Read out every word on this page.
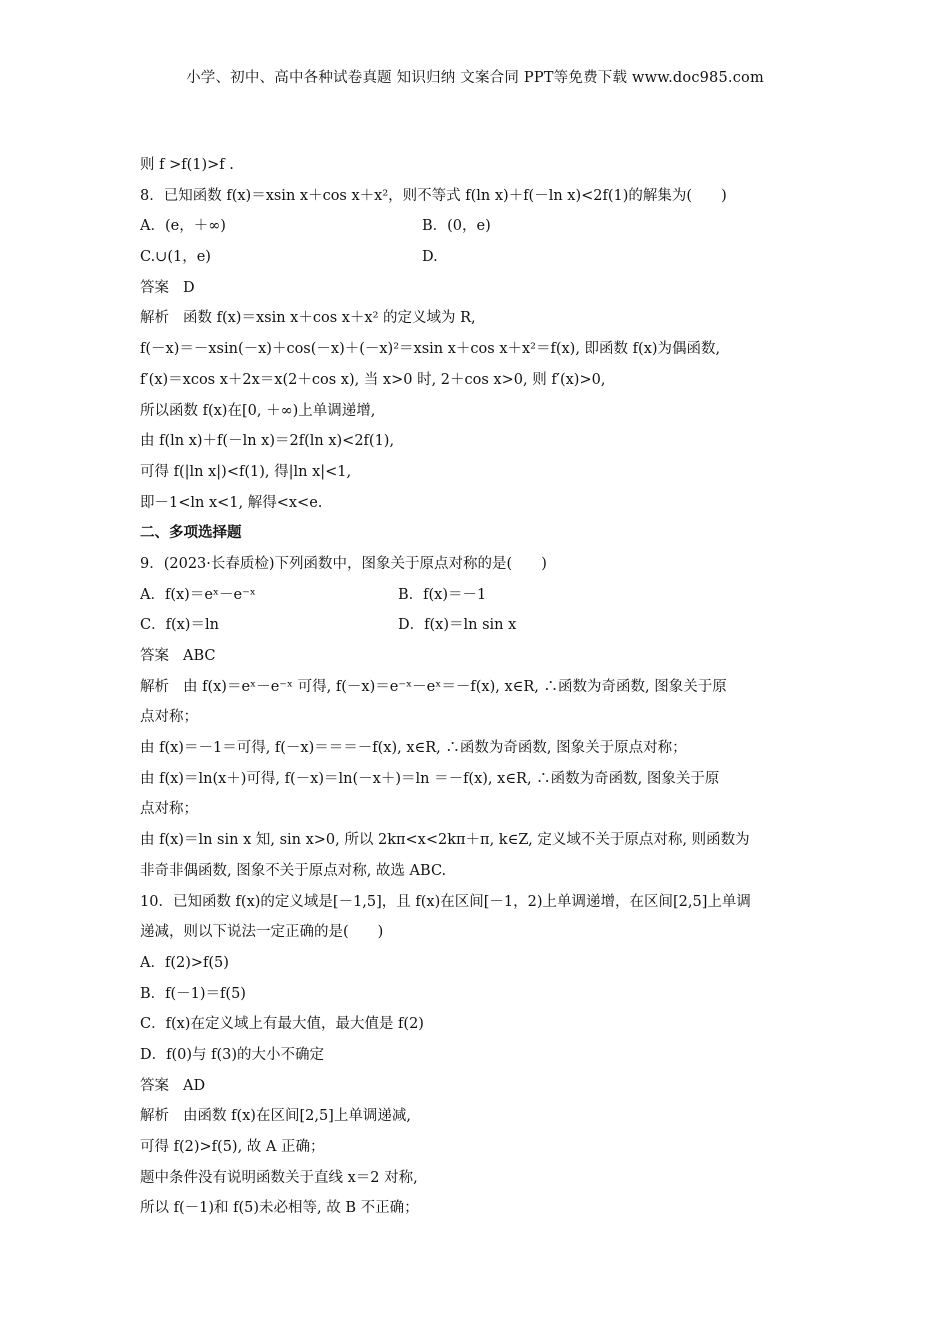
小学、初中、高中各种试卷真题 知识归纳 文案合同 PPT等免费下载 www.doc985.com
则 f >f(1)>f .
8．已知函数 f(x)＝xsin x＋cos x＋x²，则不等式 f(ln x)＋f(－ln x)<2f(1)的解集为(　　)
A．(e，＋∞)	B．(0，e)
C.∪(1，e)	D.
答案 D
解析 函数 f(x)＝xsin x＋cos x＋x² 的定义域为 R,
f(－x)＝－xsin(－x)＋cos(－x)＋(－x)²＝xsin x＋cos x＋x²＝f(x), 即函数 f(x)为偶函数,
f′(x)＝xcos x＋2x＝x(2＋cos x), 当 x>0 时, 2＋cos x>0, 则 f′(x)>0,
所以函数 f(x)在[0, ＋∞)上单调递增,
由 f(ln x)＋f(－ln x)＝2f(ln x)<2f(1),
可得 f(|ln x|)<f(1), 得|ln x|<1,
即－1<ln x<1, 解得<x<e.
二、多项选择题
9．(2023·长春质检)下列函数中，图象关于原点对称的是(　　)
A．f(x)＝eˣ－e⁻ˣ	B．f(x)＝－1
C．f(x)＝ln	D．f(x)＝ln sin x
答案 ABC
解析 由 f(x)＝eˣ－e⁻ˣ 可得, f(－x)＝e⁻ˣ－eˣ＝－f(x), x∈R, ∴函数为奇函数, 图象关于原
点对称；
由 f(x)＝－1＝可得, f(－x)＝＝＝－f(x), x∈R, ∴函数为奇函数, 图象关于原点对称；
由 f(x)＝ln(x＋)可得, f(－x)＝ln(－x＋)＝ln ＝－f(x), x∈R, ∴函数为奇函数, 图象关于原
点对称；
由 f(x)＝ln sin x 知, sin x>0, 所以 2kπ<x<2kπ＋π, k∈Z, 定义域不关于原点对称, 则函数为
非奇非偶函数, 图象不关于原点对称, 故选 ABC.
10．已知函数 f(x)的定义域是[－1,5]，且 f(x)在区间[－1，2)上单调递增，在区间[2,5]上单调
递减，则以下说法一定正确的是(　　)
A．f(2)>f(5)
B．f(－1)＝f(5)
C．f(x)在定义域上有最大值，最大值是 f(2)
D．f(0)与 f(3)的大小不确定
答案 AD
解析 由函数 f(x)在区间[2,5]上单调递减,
可得 f(2)>f(5), 故 A 正确；
题中条件没有说明函数关于直线 x＝2 对称,
所以 f(－1)和 f(5)未必相等, 故 B 不正确；
